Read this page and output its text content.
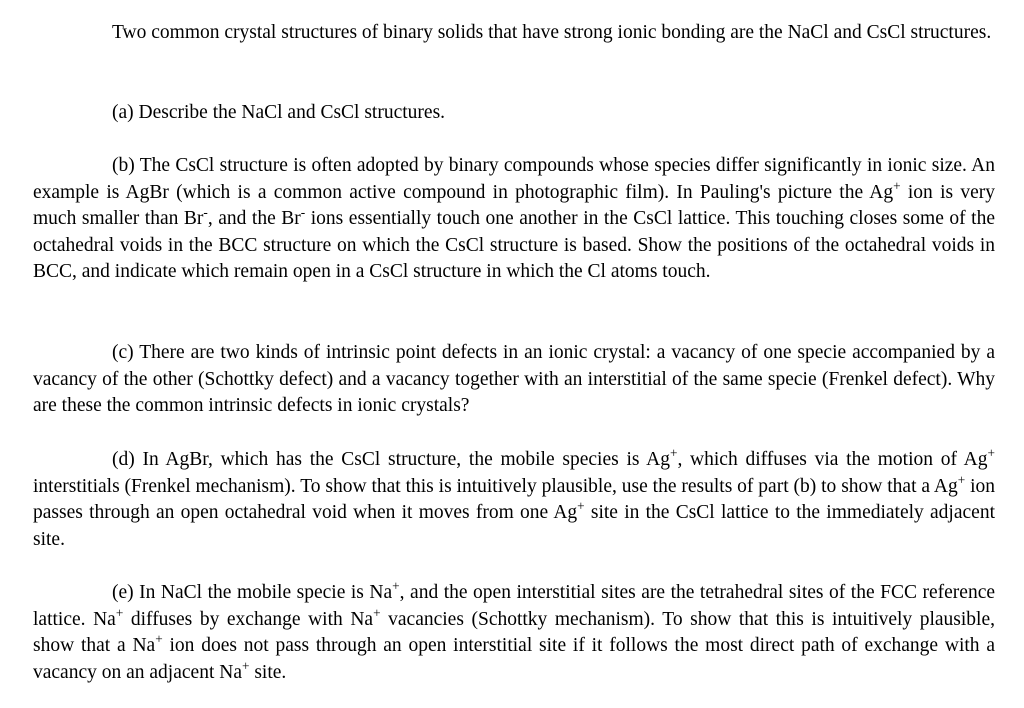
Two common crystal structures of binary solids that have strong ionic bonding are the NaCl and CsCl structures.

(a) Describe the NaCl and CsCl structures.

(b) The CsCl structure is often adopted by binary compounds whose species differ significantly in ionic size. An example is AgBr (which is a common active compound in photographic film). In Pauling's picture the Ag+ ion is very much smaller than Br-, and the Br- ions essentially touch one another in the CsCl lattice. This touching closes some of the octahedral voids in the BCC structure on which the CsCl structure is based. Show the positions of the octahedral voids in BCC, and indicate which remain open in a CsCl structure in which the Cl atoms touch.

(c) There are two kinds of intrinsic point defects in an ionic crystal: a vacancy of one specie accompanied by a vacancy of the other (Schottky defect) and a vacancy together with an interstitial of the same specie (Frenkel defect). Why are these the common intrinsic defects in ionic crystals?

(d) In AgBr, which has the CsCl structure, the mobile species is Ag+, which diffuses via the motion of Ag+ interstitials (Frenkel mechanism). To show that this is intuitively plausible, use the results of part (b) to show that a Ag+ ion passes through an open octahedral void when it moves from one Ag+ site in the CsCl lattice to the immediately adjacent site.

(e) In NaCl the mobile specie is Na+, and the open interstitial sites are the tetrahedral sites of the FCC reference lattice. Na+ diffuses by exchange with Na+ vacancies (Schottky mechanism). To show that this is intuitively plausible, show that a Na+ ion does not pass through an open interstitial site if it follows the most direct path of exchange with a vacancy on an adjacent Na+ site.
